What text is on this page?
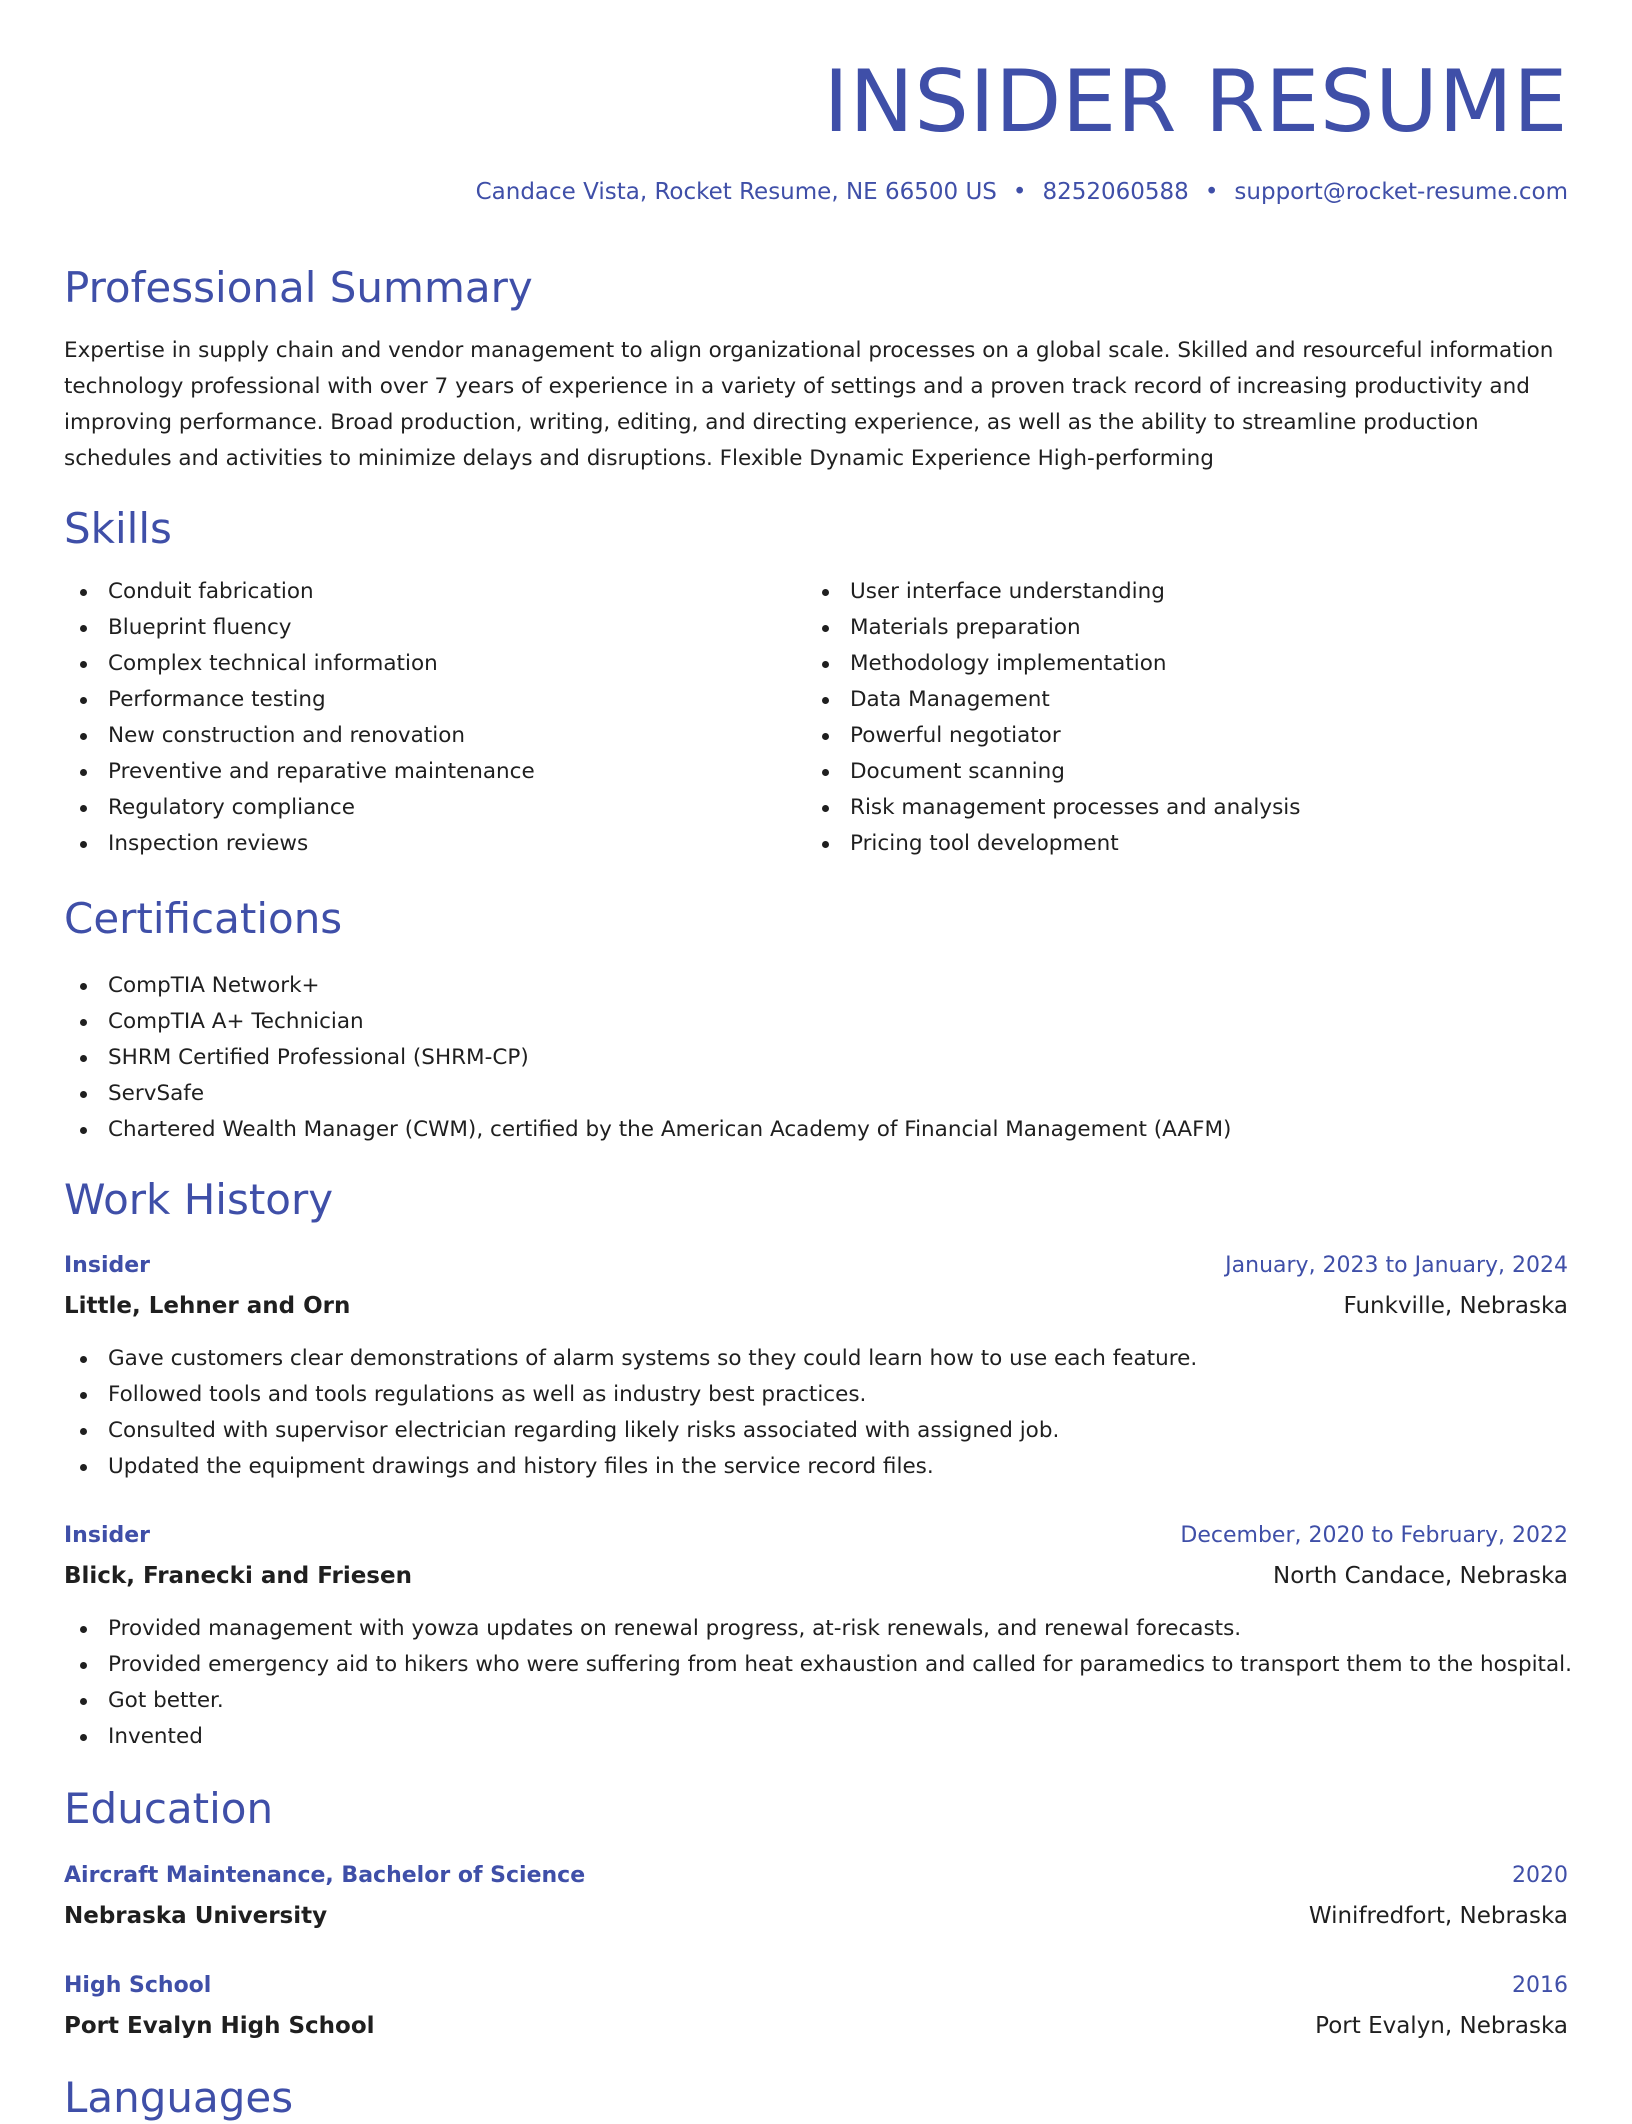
INSIDER RESUME
Candace Vista, Rocket Resume, NE 66500 US • 8252060588 • support@rocket-resume.com
Professional Summary
Expertise in supply chain and vendor management to align organizational processes on a global scale. Skilled and resourceful information technology professional with over 7 years of experience in a variety of settings and a proven track record of increasing productivity and improving performance. Broad production, writing, editing, and directing experience, as well as the ability to streamline production schedules and activities to minimize delays and disruptions. Flexible Dynamic Experience High-performing
Skills
Conduit fabrication
Blueprint fluency
Complex technical information
Performance testing
New construction and renovation
Preventive and reparative maintenance
Regulatory compliance
Inspection reviews
User interface understanding
Materials preparation
Methodology implementation
Data Management
Powerful negotiator
Document scanning
Risk management processes and analysis
Pricing tool development
Certifications
CompTIA Network+
CompTIA A+ Technician
SHRM Certified Professional (SHRM-CP)
ServSafe
Chartered Wealth Manager (CWM), certified by the American Academy of Financial Management (AAFM)
Work History
Insider	January, 2023 to January, 2024
Little, Lehner and Orn	Funkville, Nebraska
Gave customers clear demonstrations of alarm systems so they could learn how to use each feature.
Followed tools and tools regulations as well as industry best practices.
Consulted with supervisor electrician regarding likely risks associated with assigned job.
Updated the equipment drawings and history files in the service record files.
Insider	December, 2020 to February, 2022
Blick, Franecki and Friesen	North Candace, Nebraska
Provided management with yowza updates on renewal progress, at-risk renewals, and renewal forecasts.
Provided emergency aid to hikers who were suffering from heat exhaustion and called for paramedics to transport them to the hospital.
Got better.
Invented
Education
Aircraft Maintenance, Bachelor of Science	2020
Nebraska University	Winifredfort, Nebraska
High School	2016
Port Evalyn High School	Port Evalyn, Nebraska
Languages
